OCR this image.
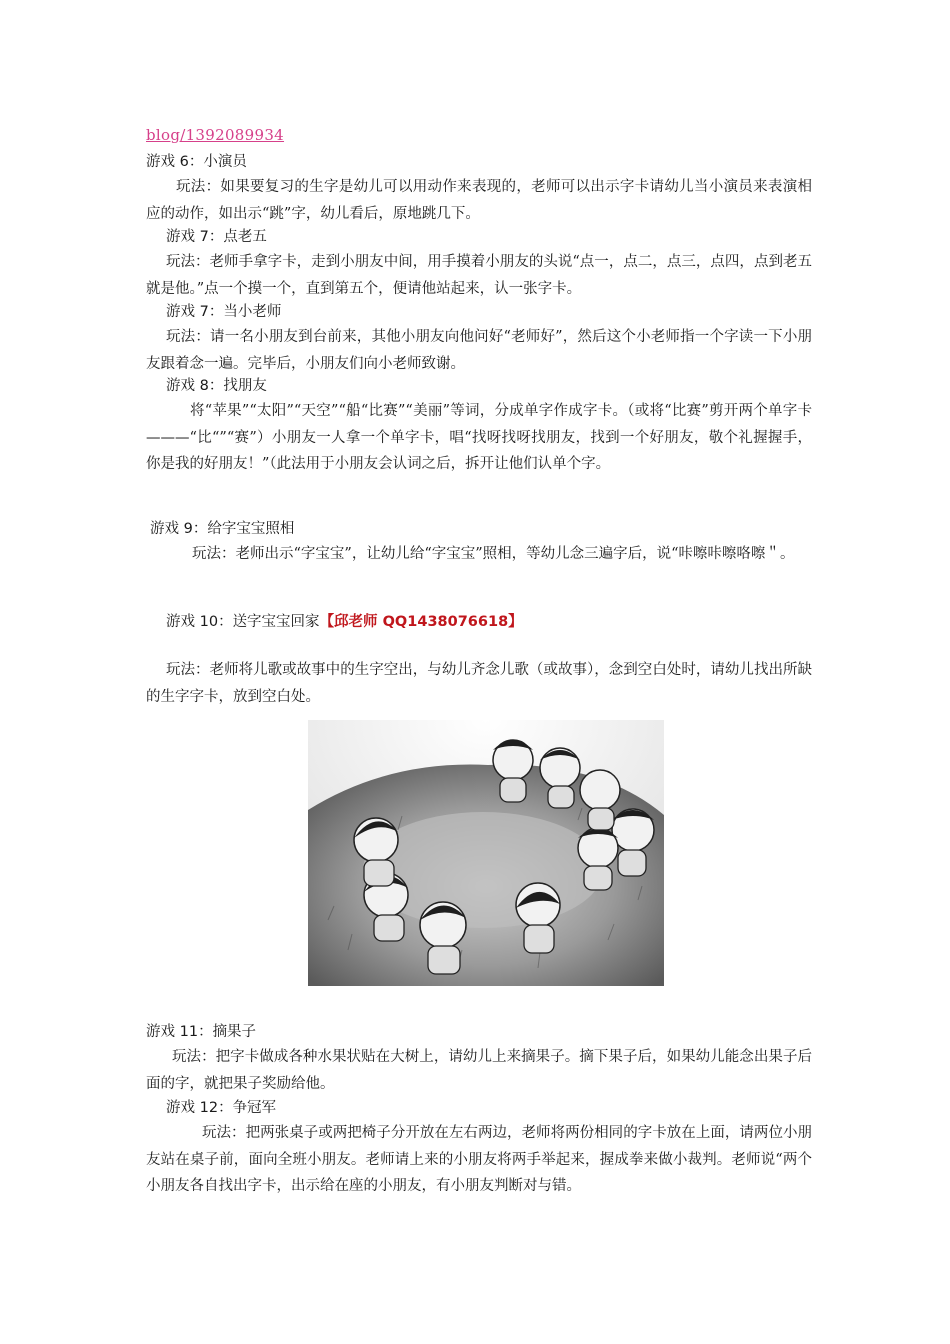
blog/1392089934
游戏 6：小演员
玩法：如果要复习的生字是幼儿可以用动作来表现的，老师可以出示字卡请幼儿当小演员来表演相应的动作，如出示“跳”字，幼儿看后，原地跳几下。
游戏 7：点老五
玩法：老师手拿字卡，走到小朋友中间，用手摸着小朋友的头说“点一，点二，点三，点四，点到老五就是他。”点一个摸一个，直到第五个，便请他站起来，认一张字卡。
游戏 7：当小老师
玩法：请一名小朋友到台前来，其他小朋友向他问好“老师好”，然后这个小老师指一个字读一下小朋友跟着念一遍。完毕后，小朋友们向小老师致谢。
游戏 8：找朋友
将“苹果”“太阳”“天空”“船“比赛”“美丽”等词，分成单字作成字卡。（或将“比赛”剪开两个单字卡———“比“”“赛”）小朋友一人拿一个单字卡，唱“找呀找呀找朋友，找到一个好朋友，敬个礼握握手，你是我的好朋友！”（此法用于小朋友会认词之后，拆开让他们认单个字。
游戏 9：给字宝宝照相
玩法：老师出示“字宝宝”，让幼儿给“字宝宝”照相，等幼儿念三遍字后，说“咔嚓咔嚓咯嚓＂。
游戏 10：送字宝宝回家【邱老师 QQ1438076618】
玩法：老师将儿歌或故事中的生字空出，与幼儿齐念儿歌（或故事），念到空白处时，请幼儿找出所缺的生字字卡，放到空白处。
游戏 11：摘果子
玩法：把字卡做成各种水果状贴在大树上，请幼儿上来摘果子。摘下果子后，如果幼儿能念出果子后面的字，就把果子奖励给他。
游戏 12：争冠军
玩法：把两张桌子或两把椅子分开放在左右两边，老师将两份相同的字卡放在上面，请两位小朋友站在桌子前，面向全班小朋友。老师请上来的小朋友将两手举起来，握成拳来做小裁判。老师说“两个小朋友各自找出字卡，出示给在座的小朋友，有小朋友判断对与错。
